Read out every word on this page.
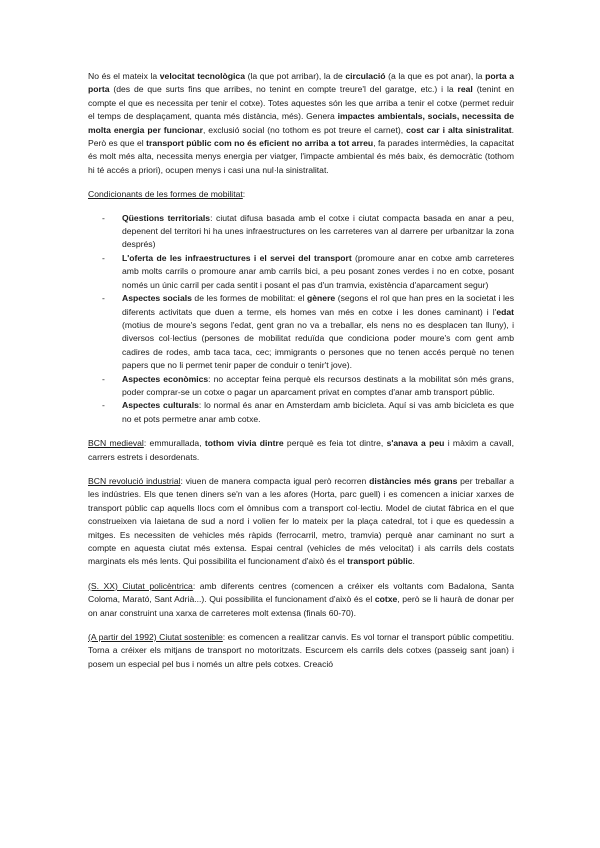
No és el mateix la velocitat tecnològica (la que pot arribar), la de circulació (a la que es pot anar), la porta a porta (des de que surts fins que arribes, no tenint en compte treure'l del garatge, etc.) i la real (tenint en compte el que es necessita per tenir el cotxe). Totes aquestes són les que arriba a tenir el cotxe (permet reduir el temps de desplaçament, quanta més distància, més). Genera impactes ambientals, socials, necessita de molta energia per funcionar, exclusió social (no tothom es pot treure el carnet), cost car i alta sinistralitat. Però es que el transport públic com no és eficient no arriba a tot arreu, fa parades intermèdies, la capacitat és molt més alta, necessita menys energia per viatger, l'impacte ambiental és més baix, és democràtic (tothom hi té accés a priori), ocupen menys i casi una nul·la sinistralitat.

Condicionants de les formes de mobilitat:

- Qüestions territorials: ciutat difusa basada amb el cotxe i ciutat compacta basada en anar a peu, depenent del territori hi ha unes infraestructures on les carreteres van al darrere per urbanitzar la zona després)
- L'oferta de les infraestructures i el servei del transport (promoure anar en cotxe amb carreteres amb molts carrils o promoure anar amb carrils bici, a peu posant zones verdes i no en cotxe, posant només un únic carril per cada sentit i posant el pas d'un tramvia, existència d'aparcament segur)
- Aspectes socials de les formes de mobilitat: el gènere (segons el rol que han pres en la societat i les diferents activitats que duen a terme, els homes van més en cotxe i les dones caminant) i l'edat (motius de moure's segons l'edat, gent gran no va a treballar, els nens no es desplacen tan lluny), i diversos col·lectius (persones de mobilitat reduïda que condiciona poder moure's com gent amb cadires de rodes, amb taca taca, cec; immigrants o persones que no tenen accés perquè no tenen papers que no li permet tenir paper de conduir o tenir't jove).
- Aspectes econòmics: no acceptar feina perquè els recursos destinats a la mobilitat són més grans, poder comprar-se un cotxe o pagar un aparcament privat en comptes d'anar amb transport públic.
- Aspectes culturals: lo normal és anar en Amsterdam amb bicicleta. Aquí si vas amb bicicleta es que no et pots permetre anar amb cotxe.

BCN medieval: emmurallada, tothom vivia dintre perquè es feia tot dintre, s'anava a peu i màxim a cavall, carrers estrets i desordenats.

BCN revolució industrial: viuen de manera compacta igual però recorren distàncies més grans per treballar a les indústries. Els que tenen diners se'n van a les afores (Horta, parc guell) i es comencen a iniciar xarxes de transport públic cap aquells llocs com el òmnibus com a transport col·lectiu. Model de ciutat fàbrica en el que construeixen via laietana de sud a nord i volien fer lo mateix per la plaça catedral, tot i que es quedessin a mitges. Es necessiten de vehicles més ràpids (ferrocarril, metro, tramvia) perquè anar caminant no surt a compte en aquesta ciutat més extensa. Espai central (vehicles de més velocitat) i als carrils dels costats marginats els més lents. Qui possibilita el funcionament d'això és el transport públic.

(S. XX) Ciutat policèntrica: amb diferents centres (comencen a créixer els voltants com Badalona, Santa Coloma, Marató, Sant Adrià...). Qui possibilita el funcionament d'això és el cotxe, però se li haurà de donar per on anar construint una xarxa de carreteres molt extensa (finals 60-70).

(A partir del 1992) Ciutat sostenible: es comencen a realitzar canvis. Es vol tornar el transport públic competitiu. Torna a créixer els mitjans de transport no motoritzats. Escurcem els carrils dels cotxes (passeig sant joan) i posem un especial pel bus i només un altre pels cotxes. Creació
